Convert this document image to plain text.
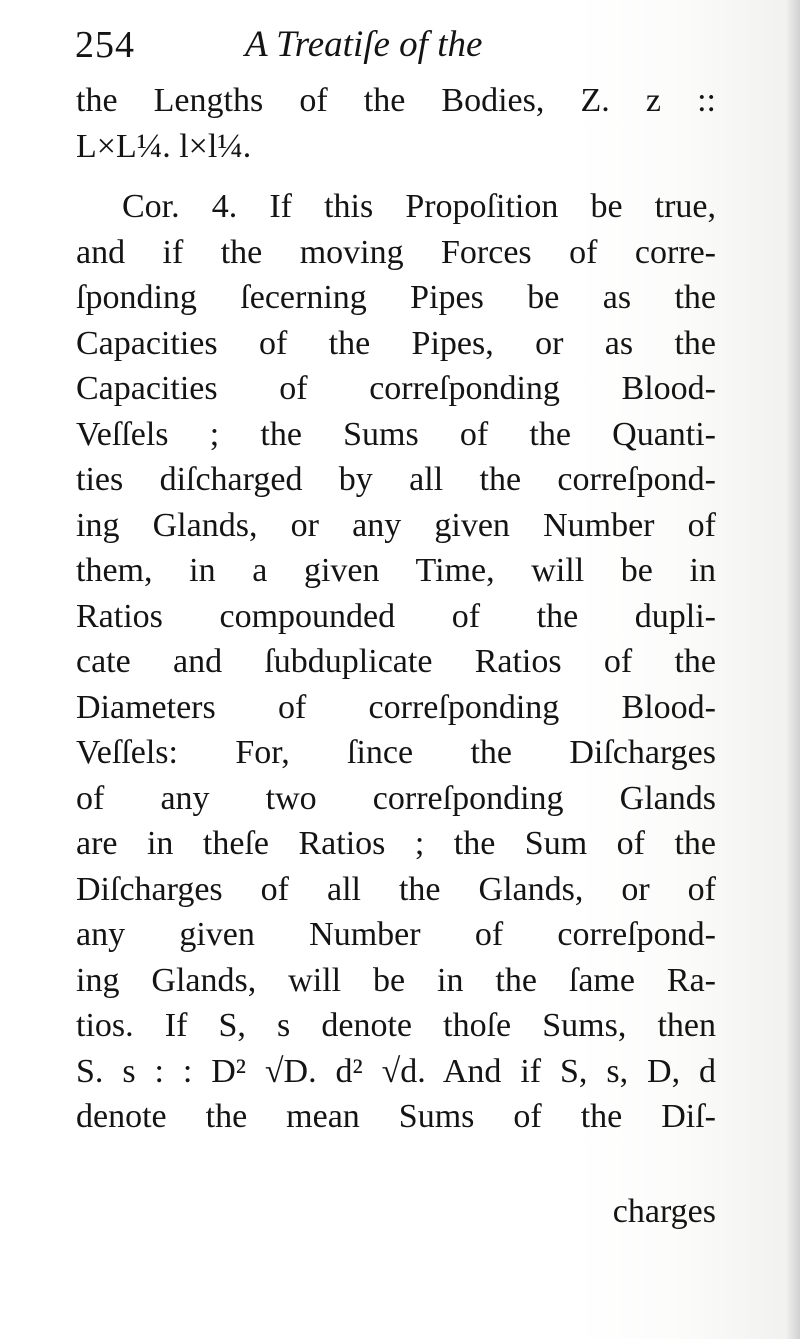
254	A Treatiſe of the
the Lengths of the Bodies, Z. z ::
L×L¼. l×l¼.
Cor. 4. If this Propoſition be true,
and if the moving Forces of corre-
ſponding ſecerning Pipes be as the
Capacities of the Pipes, or as the
Capacities of correſponding Blood-
Veſſels ; the Sums of the Quanti-
ties diſcharged by all the correſpond-
ing Glands, or any given Number of
them, in a given Time, will be in
Ratios compounded of the dupli-
cate and ſubduplicate Ratios of the
Diameters of correſponding Blood-
Veſſels: For, ſince the Diſcharges
of any two correſponding Glands
are in theſe Ratios ; the Sum of the
Diſcharges of all the Glands, or of
any given Number of correſpond-
ing Glands, will be in the ſame Ra-
tios. If S, s denote thoſe Sums, then
S. s : : D² √D. d² √d. And if S, s, D, d
denote the mean Sums of the Diſ-
charges
